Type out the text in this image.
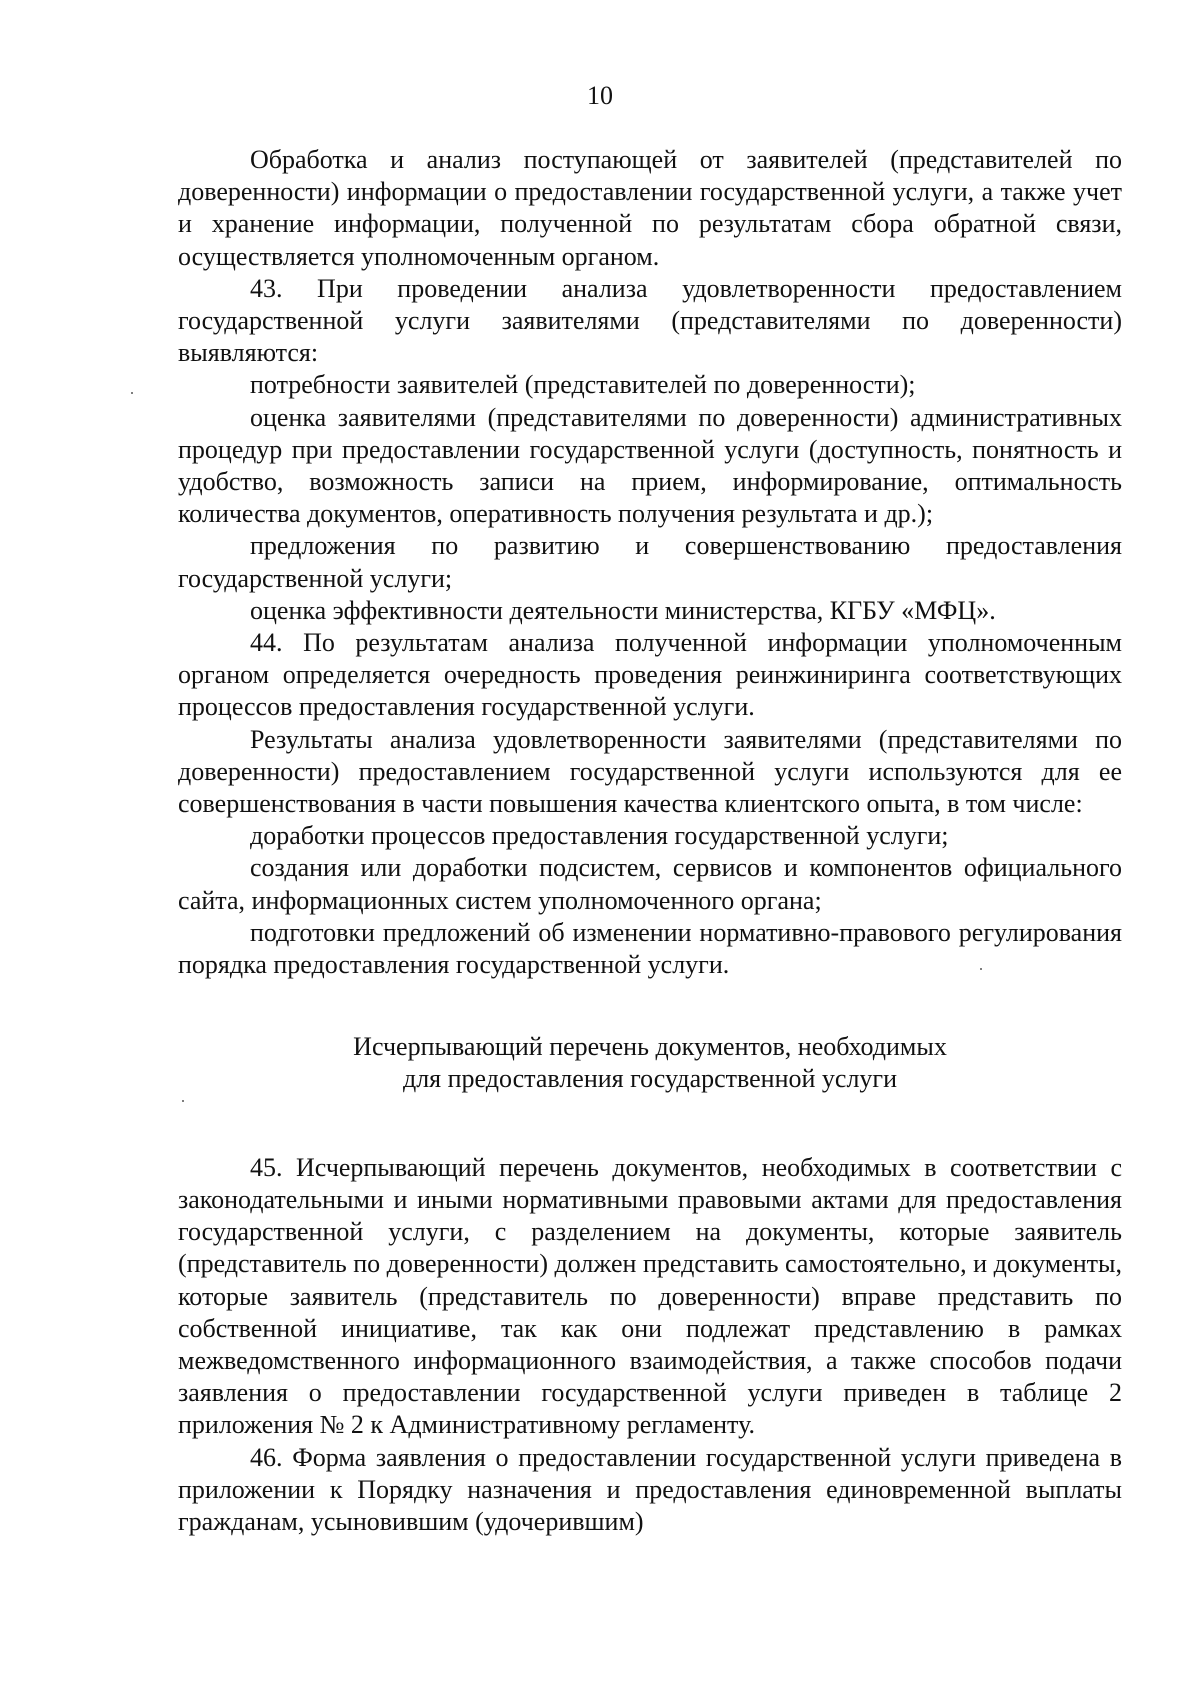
10

Обработка и анализ поступающей от заявителей (представителей по доверенности) информации о предоставлении государственной услуги, а также учет и хранение информации, полученной по результатам сбора обратной связи, осуществляется уполномоченным органом.

43. При проведении анализа удовлетворенности предоставлением государственной услуги заявителями (представителями по доверенности) выявляются:

потребности заявителей (представителей по доверенности);

оценка заявителями (представителями по доверенности) административных процедур при предоставлении государственной услуги (доступность, понятность и удобство, возможность записи на прием, информирование, оптимальность количества документов, оперативность получения результата и др.);

предложения по развитию и совершенствованию предоставления государственной услуги;

оценка эффективности деятельности министерства, КГБУ «МФЦ».

44. По результатам анализа полученной информации уполномоченным органом определяется очередность проведения реинжиниринга соответствующих процессов предоставления государственной услуги.

Результаты анализа удовлетворенности заявителями (представителями по доверенности) предоставлением государственной услуги используются для ее совершенствования в части повышения качества клиентского опыта, в том числе:

доработки процессов предоставления государственной услуги;

создания или доработки подсистем, сервисов и компонентов официального сайта, информационных систем уполномоченного органа;

подготовки предложений об изменении нормативно-правового регулирования порядка предоставления государственной услуги.

Исчерпывающий перечень документов, необходимых
для предоставления государственной услуги

45. Исчерпывающий перечень документов, необходимых в соответствии с законодательными и иными нормативными правовыми актами для предоставления государственной услуги, с разделением на документы, которые заявитель (представитель по доверенности) должен представить самостоятельно, и документы, которые заявитель (представитель по доверенности) вправе представить по собственной инициативе, так как они подлежат представлению в рамках межведомственного информационного взаимодействия, а также способов подачи заявления о предоставлении государственной услуги приведен в таблице 2 приложения № 2 к Административному регламенту.

46. Форма заявления о предоставлении государственной услуги приведена в приложении к Порядку назначения и предоставления единовременной выплаты гражданам, усыновившим (удочерившим)
